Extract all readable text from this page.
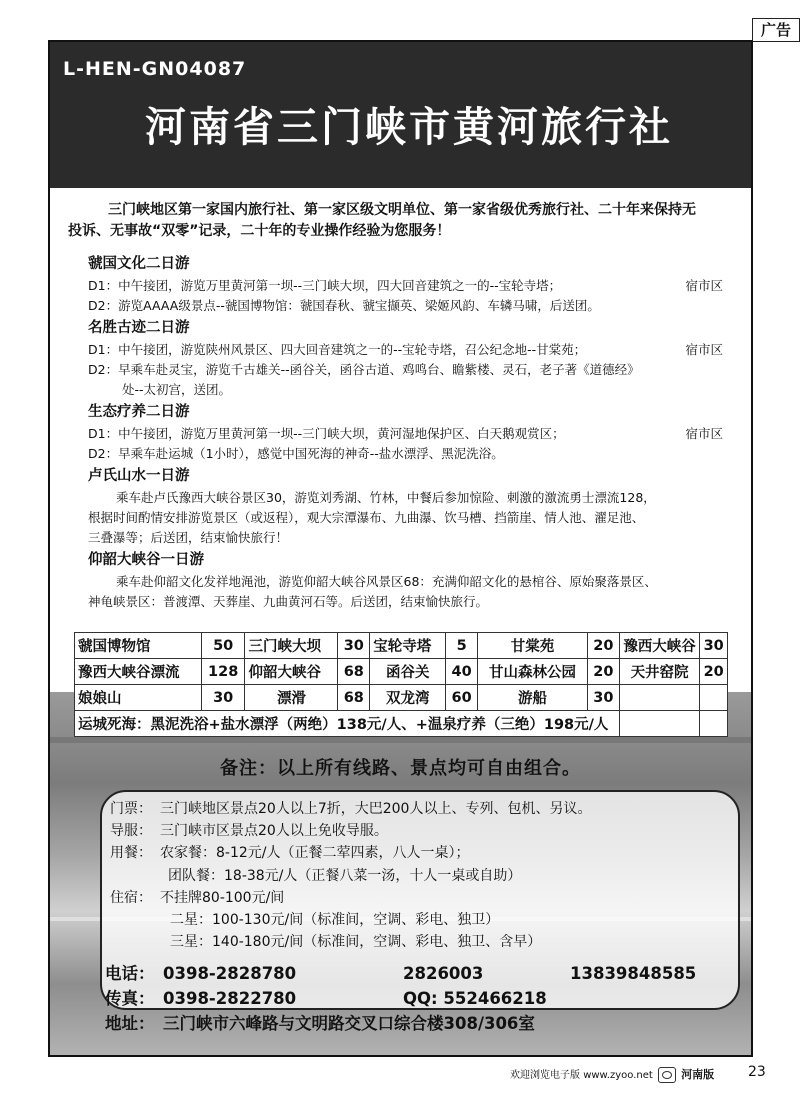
广告
L-HEN-GN04087
河南省三门峡市黄河旅行社

三门峡地区第一家国内旅行社、第一家区级文明单位、第一家省级优秀旅行社、二十年来保持无

投诉、无事故“双零”记录，二十年的专业操作经验为您服务！

虢国文化二日游

D1：中午接团，游览万里黄河第一坝--三门峡大坝，四大回音建筑之一的--宝轮寺塔；	宿市区

D2：游览AAAA级景点--虢国博物馆：虢国春秋、虢宝撷英、梁姬风韵、车辚马啸，后送团。

名胜古迹二日游

D1：中午接团，游览陕州风景区、四大回音建筑之一的--宝轮寺塔，召公纪念地--甘棠苑；	宿市区

D2：早乘车赴灵宝，游览千古雄关--函谷关，函谷古道、鸡鸣台、瞻紫楼、灵石，老子著《道德经》

处--太初宫，送团。

生态疗养二日游

D1：中午接团，游览万里黄河第一坝--三门峡大坝，黄河湿地保护区、白天鹅观赏区；	宿市区

D2：早乘车赴运城（1小时），感觉中国死海的神奇--盐水漂浮、黑泥洗浴。

卢氏山水一日游

乘车赴卢氏豫西大峡谷景区30，游览刘秀湖、竹林，中餐后参加惊险、刺激的激流勇士漂流128，

根据时间酌情安排游览景区（或返程），观大宗潭瀑布、九曲瀑、饮马槽、挡箭崖、情人池、濯足池、

三叠瀑等；后送团，结束愉快旅行！

仰韶大峡谷一日游

乘车赴仰韶文化发祥地渑池，游览仰韶大峡谷风景区68：充满仰韶文化的悬棺谷、原始聚落景区、

神龟峡景区：普渡潭、天葬崖、九曲黄河石等。后送团，结束愉快旅行。

虢国博物馆	50	三门峡大坝	30	宝轮寺塔	5	甘棠苑	20	豫西大峡谷	30
豫西大峡谷漂流	128	仰韶大峡谷	68	函谷关	40	甘山森林公园	20	天井窑院	20
娘娘山	30	漂滑	68	双龙湾	60	游船	30		
运城死海：黑泥洗浴+盐水漂浮（两绝）138元/人、+温泉疗养（三绝）198元/人									
备注：以上所有线路、景点均可自由组合。

门票： 三门峡地区景点20人以上7折，大巴200人以上、专列、包机、另议。

导服： 三门峡市区景点20人以上免收导服。

用餐： 农家餐：8-12元/人（正餐二荤四素，八人一桌）；

团队餐：18-38元/人（正餐八菜一汤，十人一桌或自助）

住宿： 不挂牌80-100元/间

二星：100-130元/间（标准间，空调、彩电、独卫）

三星：140-180元/间（标准间，空调、彩电、独卫、含早）

电话： 0398-2828780	2826003	13839848585
传真： 0398-2822780	QQ: 552466218
地址： 三门峡市六峰路与文明路交叉口综合楼308/306室
欢迎浏览电子版 www.zyoo.net	河南版 23
